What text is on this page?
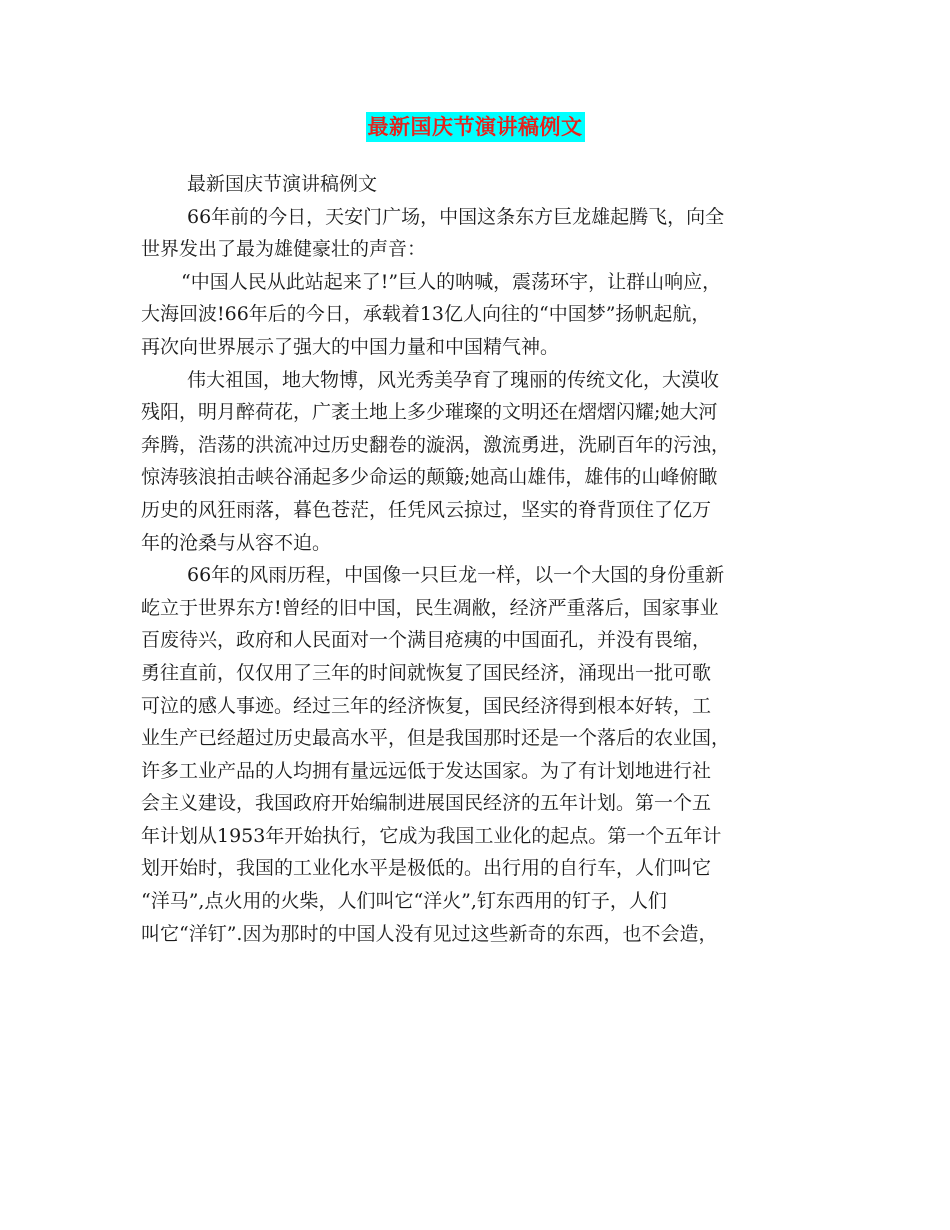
最新国庆节演讲稿例文
最新国庆节演讲稿例文
66年前的今日，天安门广场，中国这条东方巨龙雄起腾飞，向全
世界发出了最为雄健豪壮的声音：
“中国人民从此站起来了!”巨人的呐喊，震荡环宇，让群山响应，
大海回波!66年后的今日，承载着13亿人向往的“中国梦”扬帆起航，
再次向世界展示了强大的中国力量和中国精气神。
伟大祖国，地大物博，风光秀美孕育了瑰丽的传统文化，大漠收
残阳，明月醉荷花，广袤土地上多少璀璨的文明还在熠熠闪耀;她大河
奔腾，浩荡的洪流冲过历史翻卷的漩涡，激流勇进，洗刷百年的污浊，
惊涛骇浪拍击峡谷涌起多少命运的颠簸;她高山雄伟，雄伟的山峰俯瞰
历史的风狂雨落，暮色苍茫，任凭风云掠过，坚实的脊背顶住了亿万
年的沧桑与从容不迫。
66年的风雨历程，中国像一只巨龙一样，以一个大国的身份重新
屹立于世界东方!曾经的旧中国，民生凋敝，经济严重落后，国家事业
百废待兴，政府和人民面对一个满目疮痍的中国面孔，并没有畏缩，
勇往直前，仅仅用了三年的时间就恢复了国民经济，涌现出一批可歌
可泣的感人事迹。经过三年的经济恢复，国民经济得到根本好转，工
业生产已经超过历史最高水平，但是我国那时还是一个落后的农业国，
许多工业产品的人均拥有量远远低于发达国家。为了有计划地进行社
会主义建设，我国政府开始编制进展国民经济的五年计划。第一个五
年计划从1953年开始执行，它成为我国工业化的起点。第一个五年计
划开始时，我国的工业化水平是极低的。出行用的自行车，人们叫它
“洋马”,点火用的火柴，人们叫它“洋火”,钉东西用的钉子，人们
叫它“洋钉”.因为那时的中国人没有见过这些新奇的东西，也不会造，
